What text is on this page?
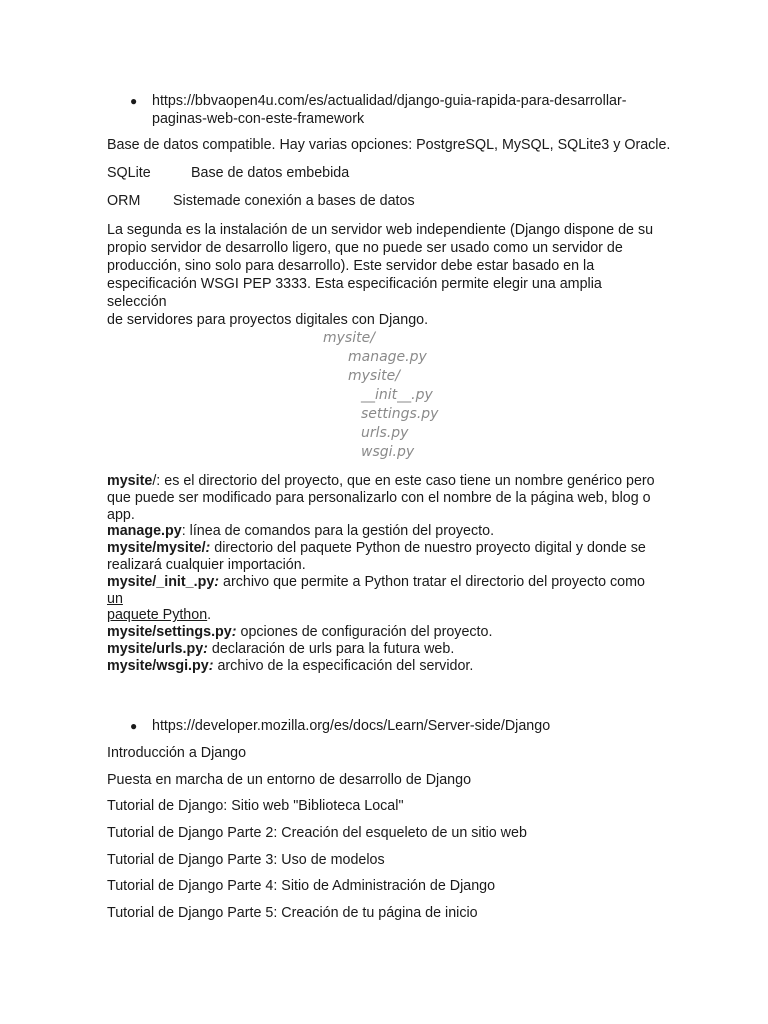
● https://bbvaopen4u.com/es/actualidad/django-guia-rapida-para-desarrollar-
paginas-web-con-este-framework
Base de datos compatible. Hay varias opciones: PostgreSQL, MySQL, SQLite3 y Oracle.
SQLite	Base de datos embebida
ORM Sistemade conexión a bases de datos
La segunda es la instalación de un servidor web independiente (Django dispone de su
propio servidor de desarrollo ligero, que no puede ser usado como un servidor de
producción, sino solo para desarrollo). Este servidor debe estar basado en la
especificación WSGI PEP 3333. Esta especificación permite elegir una amplia selección
de servidores para proyectos digitales con Django.
mysite/
manage.py
mysite/
__init__.py
settings.py
urls.py
wsgi.py
mysite/: es el directorio del proyecto, que en este caso tiene un nombre genérico pero
que puede ser modificado para personalizarlo con el nombre de la página web, blog o
app.
manage.py: línea de comandos para la gestión del proyecto.
mysite/mysite/: directorio del paquete Python de nuestro proyecto digital y donde se
realizará cualquier importación.
mysite/_init_.py: archivo que permite a Python tratar el directorio del proyecto como un
paquete Python.
mysite/settings.py: opciones de configuración del proyecto.
mysite/urls.py: declaración de urls para la futura web.
mysite/wsgi.py: archivo de la especificación del servidor.
● https://developer.mozilla.org/es/docs/Learn/Server-side/Django
Introducción a Django
Puesta en marcha de un entorno de desarrollo de Django
Tutorial de Django: Sitio web "Biblioteca Local"
Tutorial de Django Parte 2: Creación del esqueleto de un sitio web
Tutorial de Django Parte 3: Uso de modelos
Tutorial de Django Parte 4: Sitio de Administración de Django
Tutorial de Django Parte 5: Creación de tu página de inicio
